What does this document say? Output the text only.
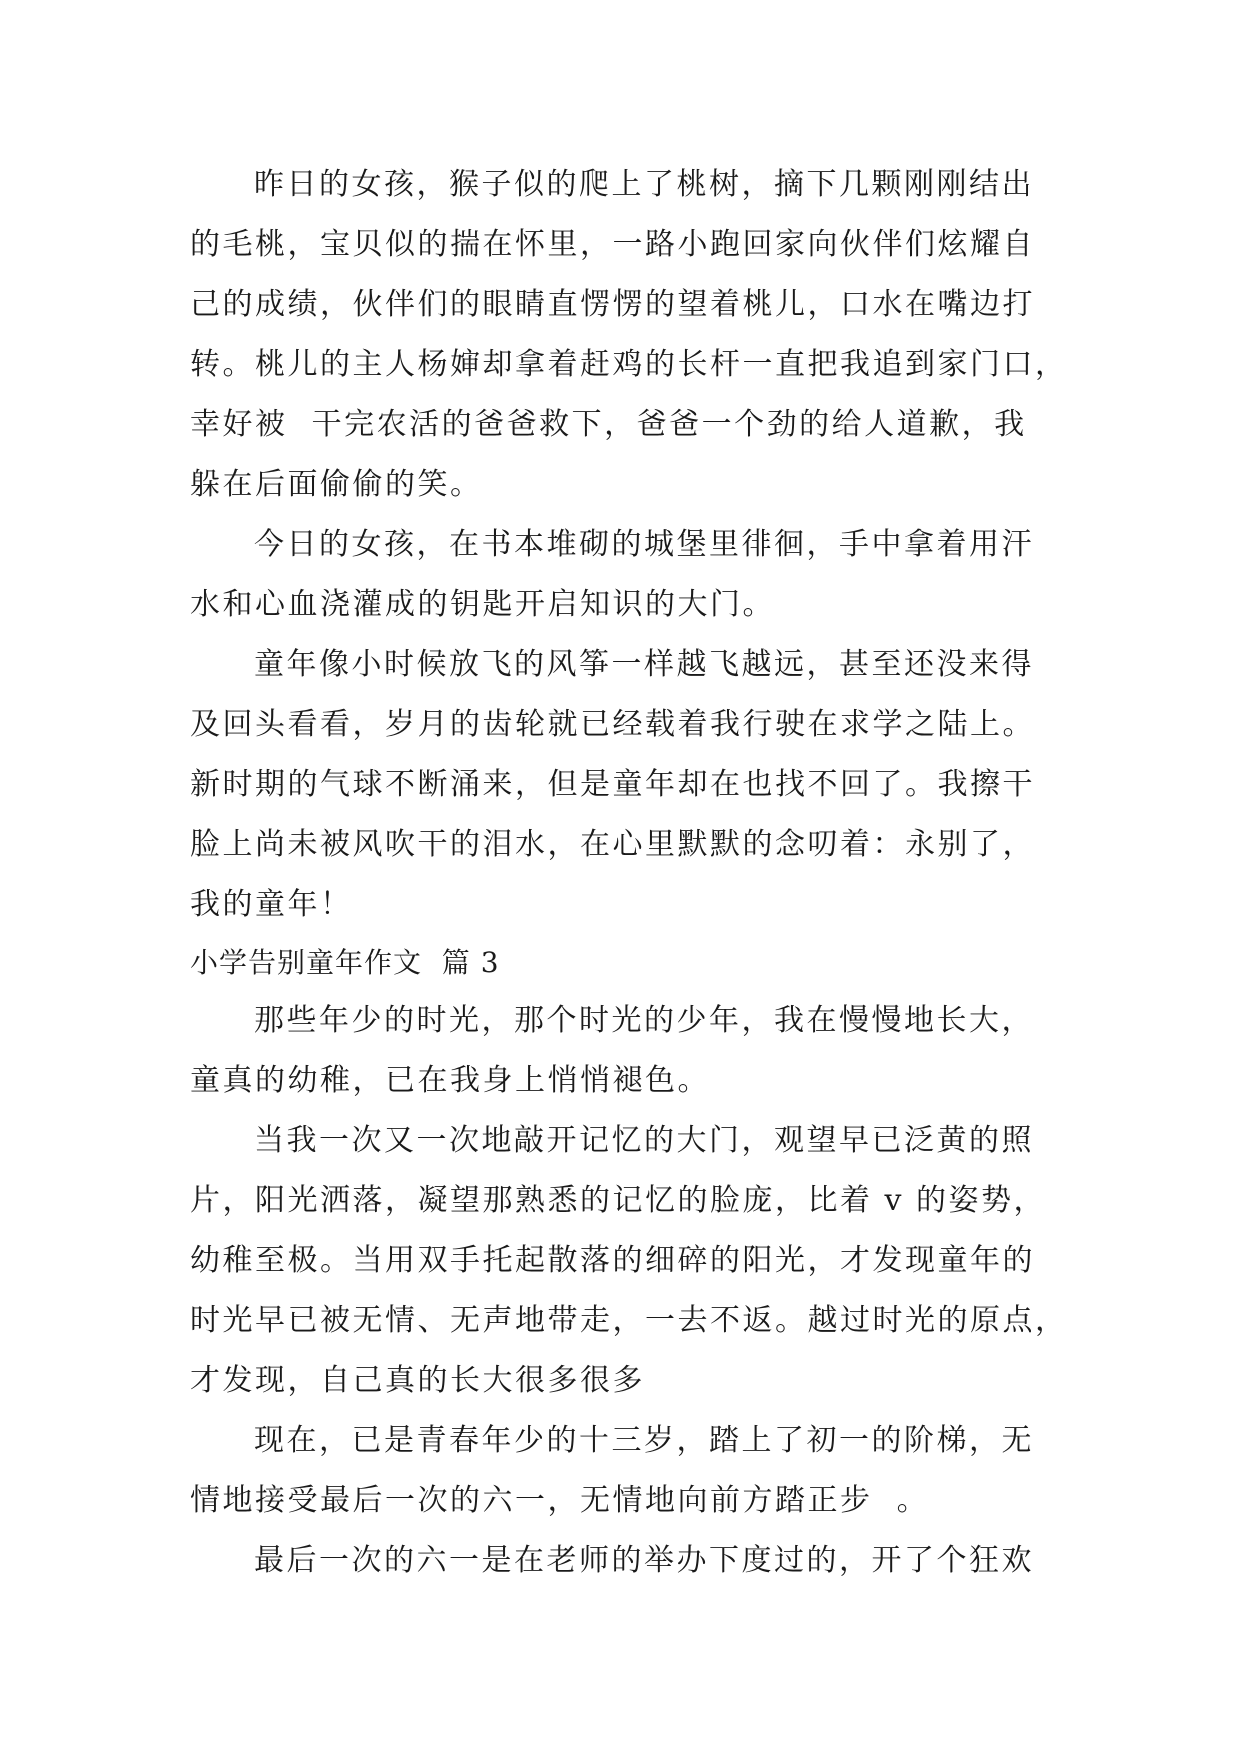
昨日的女孩，猴子似的爬上了桃树，摘下几颗刚刚结出
的毛桃，宝贝似的揣在怀里，一路小跑回家向伙伴们炫耀自
己的成绩，伙伴们的眼睛直愣愣的望着桃儿，口水在嘴边打
转。桃儿的主人杨婶却拿着赶鸡的长杆一直把我追到家门口，
幸好被  干完农活的爸爸救下，爸爸一个劲的给人道歉，我
躲在后面偷偷的笑。
今日的女孩，在书本堆砌的城堡里徘徊，手中拿着用汗
水和心血浇灌成的钥匙开启知识的大门。
童年像小时候放飞的风筝一样越飞越远，甚至还没来得
及回头看看，岁月的齿轮就已经载着我行驶在求学之陆上。
新时期的气球不断涌来，但是童年却在也找不回了。我擦干
脸上尚未被风吹干的泪水，在心里默默的念叨着：永别了，
我的童年！
小学告别童年作文  篇 3
那些年少的时光，那个时光的少年，我在慢慢地长大，
童真的幼稚，已在我身上悄悄褪色。
当我一次又一次地敲开记忆的大门，观望早已泛黄的照
片，阳光洒落，凝望那熟悉的记忆的脸庞，比着 v 的姿势，
幼稚至极。当用双手托起散落的细碎的阳光，才发现童年的
时光早已被无情、无声地带走，一去不返。越过时光的原点，
才发现，自己真的长大很多很多
现在，已是青春年少的十三岁，踏上了初一的阶梯，无
情地接受最后一次的六一，无情地向前方踏正步  。
最后一次的六一是在老师的举办下度过的，开了个狂欢
